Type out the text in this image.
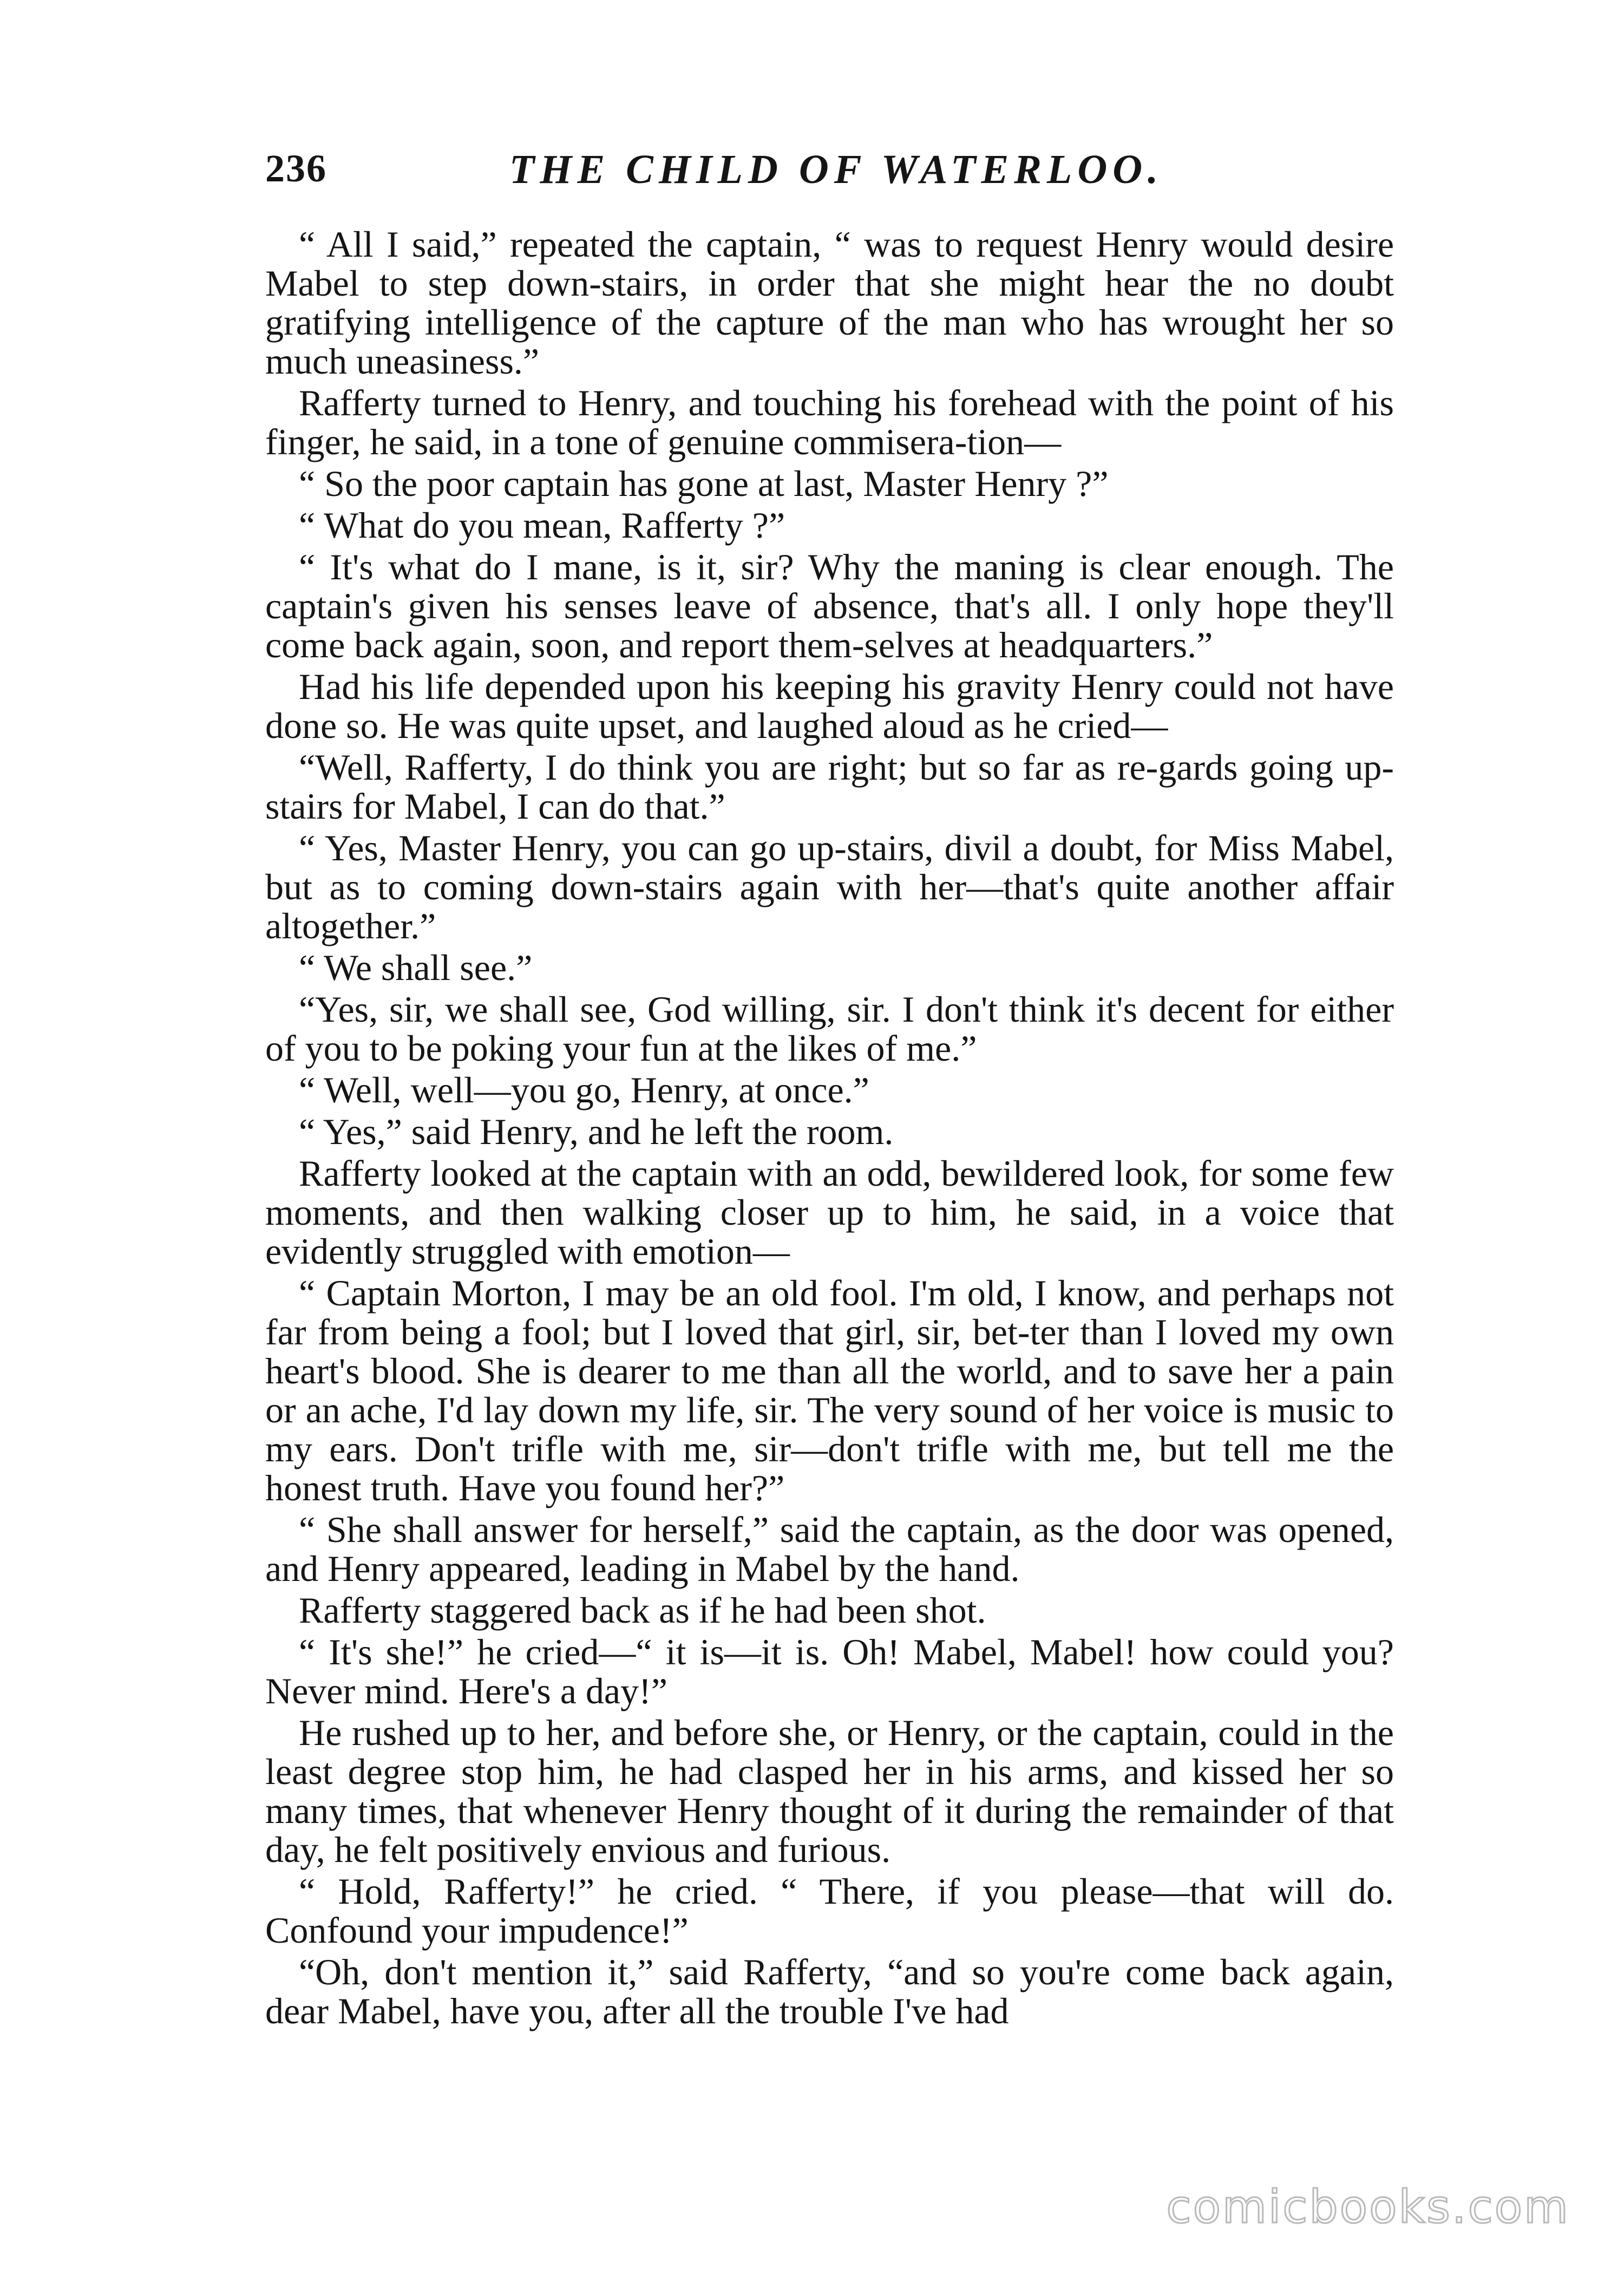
236	THE CHILD OF WATERLOO.

“ All I said,” repeated the captain, “ was to request Henry would desire Mabel to step down-stairs, in order that she might hear the no doubt gratifying intelligence of the capture of the man who has wrought her so much uneasiness.”

Rafferty turned to Henry, and touching his forehead with the point of his finger, he said, in a tone of genuine commisera-tion—

“ So the poor captain has gone at last, Master Henry ?”

“ What do you mean, Rafferty ?”

“ It's what do I mane, is it, sir? Why the maning is clear enough. The captain's given his senses leave of absence, that's all. I only hope they'll come back again, soon, and report them-selves at headquarters.”

Had his life depended upon his keeping his gravity Henry could not have done so. He was quite upset, and laughed aloud as he cried—

“Well, Rafferty, I do think you are right; but so far as re-gards going up-stairs for Mabel, I can do that.”

“ Yes, Master Henry, you can go up-stairs, divil a doubt, for Miss Mabel, but as to coming down-stairs again with her—that's quite another affair altogether.”

“ We shall see.”

“Yes, sir, we shall see, God willing, sir. I don't think it's decent for either of you to be poking your fun at the likes of me.”

“ Well, well—you go, Henry, at once.”

“ Yes,” said Henry, and he left the room.

Rafferty looked at the captain with an odd, bewildered look, for some few moments, and then walking closer up to him, he said, in a voice that evidently struggled with emotion—

“ Captain Morton, I may be an old fool. I'm old, I know, and perhaps not far from being a fool; but I loved that girl, sir, bet-ter than I loved my own heart's blood. She is dearer to me than all the world, and to save her a pain or an ache, I'd lay down my life, sir. The very sound of her voice is music to my ears. Don't trifle with me, sir—don't trifle with me, but tell me the honest truth. Have you found her?”

“ She shall answer for herself,” said the captain, as the door was opened, and Henry appeared, leading in Mabel by the hand.

Rafferty staggered back as if he had been shot.

“ It's she!” he cried—“ it is—it is. Oh! Mabel, Mabel! how could you? Never mind. Here's a day!”

He rushed up to her, and before she, or Henry, or the captain, could in the least degree stop him, he had clasped her in his arms, and kissed her so many times, that whenever Henry thought of it during the remainder of that day, he felt positively envious and furious.

“ Hold, Rafferty!” he cried. “ There, if you please—that will do. Confound your impudence!”

“Oh, don't mention it,” said Rafferty, “and so you're come back again, dear Mabel, have you, after all the trouble I've had

comicbooks.com
